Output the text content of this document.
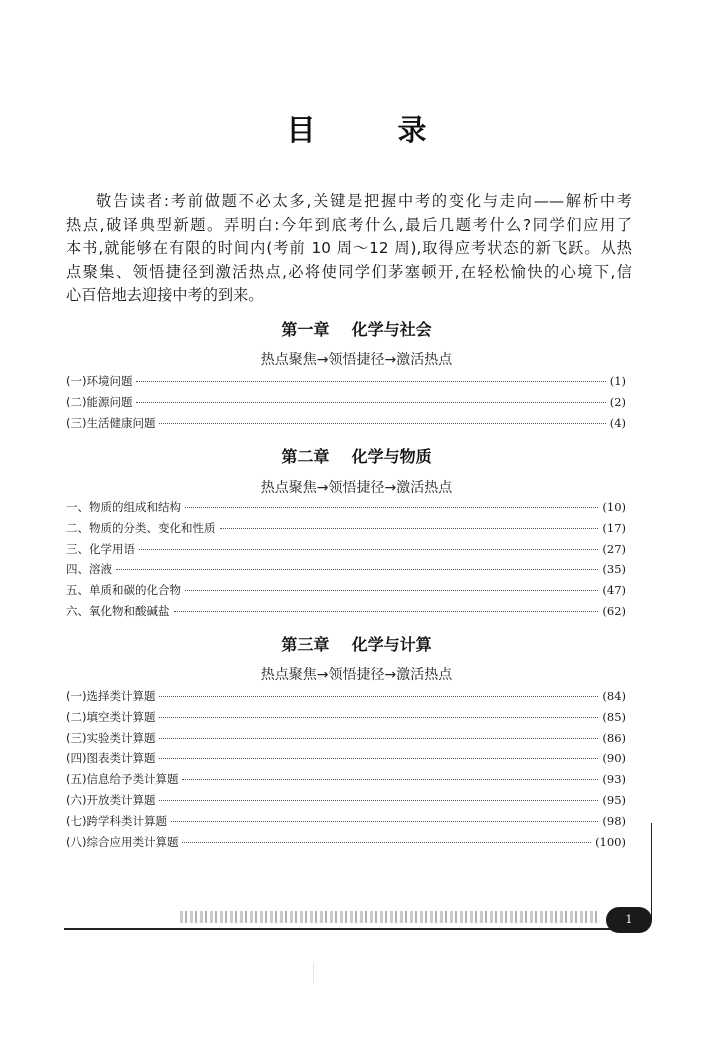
目 录
敬告读者:考前做题不必太多,关键是把握中考的变化与走向——解析中考
热点,破译典型新题。弄明白:今年到底考什么,最后几题考什么?同学们应用了
本书,就能够在有限的时间内(考前 10 周～12 周),取得应考状态的新飞跃。从热
点聚集、领悟捷径到激活热点,必将使同学们茅塞顿开,在轻松愉快的心境下,信
心百倍地去迎接中考的到来。
第一章    化学与社会
热点聚焦→领悟捷径→激活热点
(一)环境问题	(1)
(二)能源问题	(2)
(三)生活健康问题	(4)
第二章    化学与物质
热点聚焦→领悟捷径→激活热点
一、物质的组成和结构	(10)
二、物质的分类、变化和性质	(17)
三、化学用语	(27)
四、溶液	(35)
五、单质和碳的化合物	(47)
六、氧化物和酸碱盐	(62)
第三章    化学与计算
热点聚焦→领悟捷径→激活热点
(一)选择类计算题	(84)
(二)填空类计算题	(85)
(三)实验类计算题	(86)
(四)图表类计算题	(90)
(五)信息给予类计算题	(93)
(六)开放类计算题	(95)
(七)跨学科类计算题	(98)
(八)综合应用类计算题	(100)
1
